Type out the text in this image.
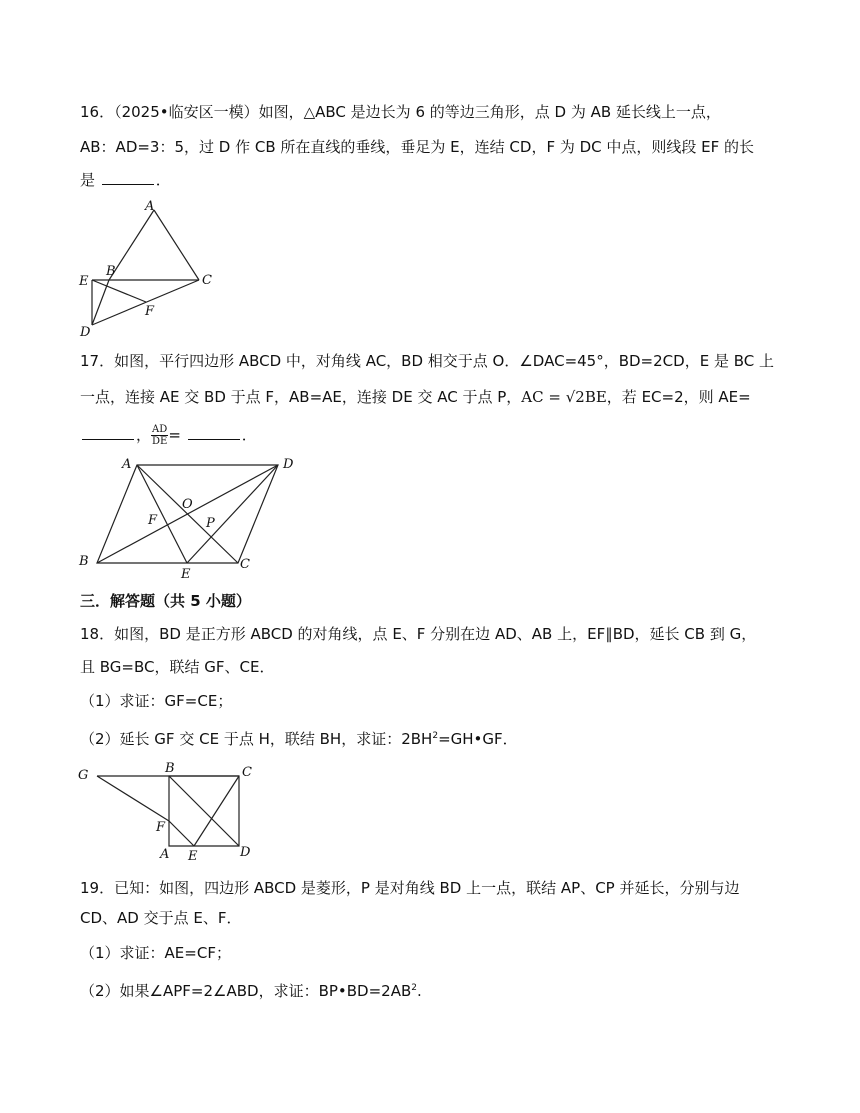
16．（2025•临安区一模）如图，△ABC 是边长为 6 的等边三角形，点 D 为 AB 延长线上一点，
AB：AD=3：5，过 D 作 CB 所在直线的垂线，垂足为 E，连结 CD，F 为 DC 中点，则线段 EF 的长
是	．
A
B
C
D
E
F
17．如图，平行四边形 ABCD 中，对角线 AC，BD 相交于点 O．∠DAC=45°，BD=2CD，E 是 BC 上
一点，连接 AE 交 BD 于点 F，AB=AE，连接 DE 交 AC 于点 P，AC = √2BE，若 EC=2，则 AE=
， $\frac{AD}{DE}$ =	．
A
B	C
D
E
F
O
P
三．解答题（共 5 小题）
18．如图，BD 是正方形 ABCD 的对角线，点 E、F 分别在边 AD、AB 上，EF∥BD，延长 CB 到 G，
且 BG=BC，联结 GF、CE．
（1）求证：GF=CE；
（2）延长 GF 交 CE 于点 H，联结 BH，求证：$2BH^2=GH•GF$．
A
B	C
D
E
F
G
19．已知：如图，四边形 ABCD 是菱形，P 是对角线 BD 上一点，联结 AP、CP 并延长，分别与边
CD、AD 交于点 E、F．
（1）求证：AE=CF；
（2）如果∠APF=2∠ABD，求证：$BP•BD=2AB^2$.
